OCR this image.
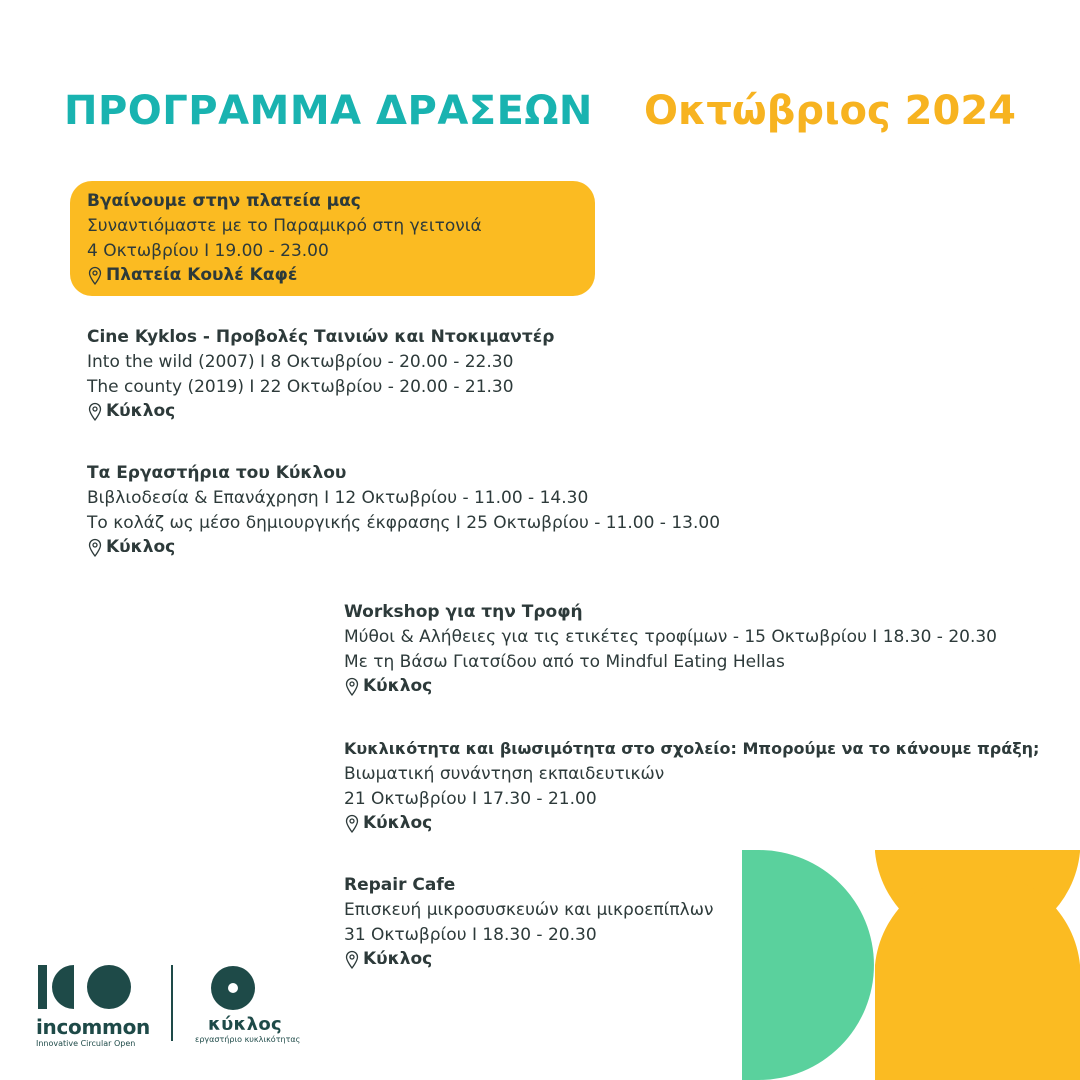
ΠΡΟΓΡΑΜΜΑ ΔΡΑΣΕΩΝ Οκτώβριος 2024
Βγαίνουμε στην πλατεία μας
Συναντιόμαστε με το Παραμικρό στη γειτονιά
4 Οκτωβρίου I 19.00 - 23.00
Πλατεία Κουλέ Καφέ
Cine Kyklos - Προβολές Ταινιών και Ντοκιμαντέρ
Into the wild (2007) I 8 Οκτωβρίου - 20.00 - 22.30
The county (2019) I 22 Οκτωβρίου - 20.00 - 21.30
Κύκλος
Τα Εργαστήρια του Κύκλου
Βιβλιοδεσία & Επανάχρηση I 12 Οκτωβρίου - 11.00 - 14.30
Το κολάζ ως μέσο δημιουργικής έκφρασης I 25 Οκτωβρίου - 11.00 - 13.00
Κύκλος
Workshop για την Τροφή
Μύθοι & Αλήθειες για τις ετικέτες τροφίμων - 15 Οκτωβρίου I 18.30 - 20.30
Με τη Βάσω Γιατσίδου από το Mindful Eating Hellas
Κύκλος
Κυκλικότητα και βιωσιμότητα στο σχολείο: Μπορούμε να το κάνουμε πράξη;
Βιωματική συνάντηση εκπαιδευτικών
21 Οκτωβρίου I 17.30 - 21.00
Κύκλος
Repair Cafe
Επισκευή μικροσυσκευών και μικροεπίπλων
31 Οκτωβρίου I 18.30 - 20.30
Κύκλος
incommon
Innovative Circular Open
κύκλος
εργαστήριο κυκλικότητας
